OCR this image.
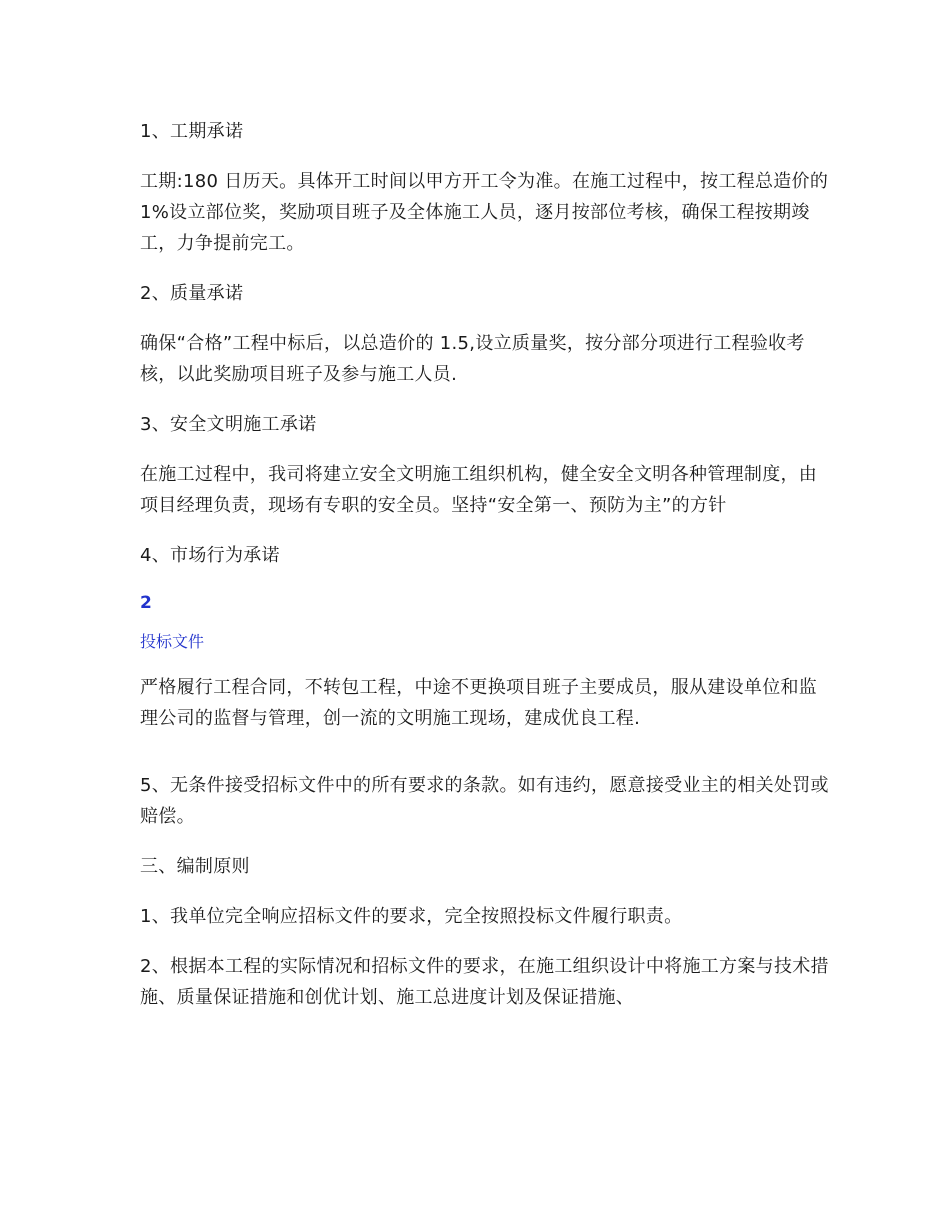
1、工期承诺
工期:180 日历天。具体开工时间以甲方开工令为准。在施工过程中，按工程总造价的 1%设立部位奖，奖励项目班子及全体施工人员，逐月按部位考核，确保工程按期竣工，力争提前完工。
2、质量承诺
确保“合格”工程中标后，以总造价的 1.5,设立质量奖，按分部分项进行工程验收考核，以此奖励项目班子及参与施工人员.
3、安全文明施工承诺
在施工过程中，我司将建立安全文明施工组织机构，健全安全文明各种管理制度，由项目经理负责，现场有专职的安全员。坚持“安全第一、预防为主”的方针
4、市场行为承诺
2
投标文件
严格履行工程合同，不转包工程，中途不更换项目班子主要成员，服从建设单位和监理公司的监督与管理，创一流的文明施工现场，建成优良工程.
5、无条件接受招标文件中的所有要求的条款。如有违约，愿意接受业主的相关处罚或赔偿。
三、编制原则
1、我单位完全响应招标文件的要求，完全按照投标文件履行职责。
2、根据本工程的实际情况和招标文件的要求，在施工组织设计中将施工方案与技术措施、质量保证措施和创优计划、施工总进度计划及保证措施、
